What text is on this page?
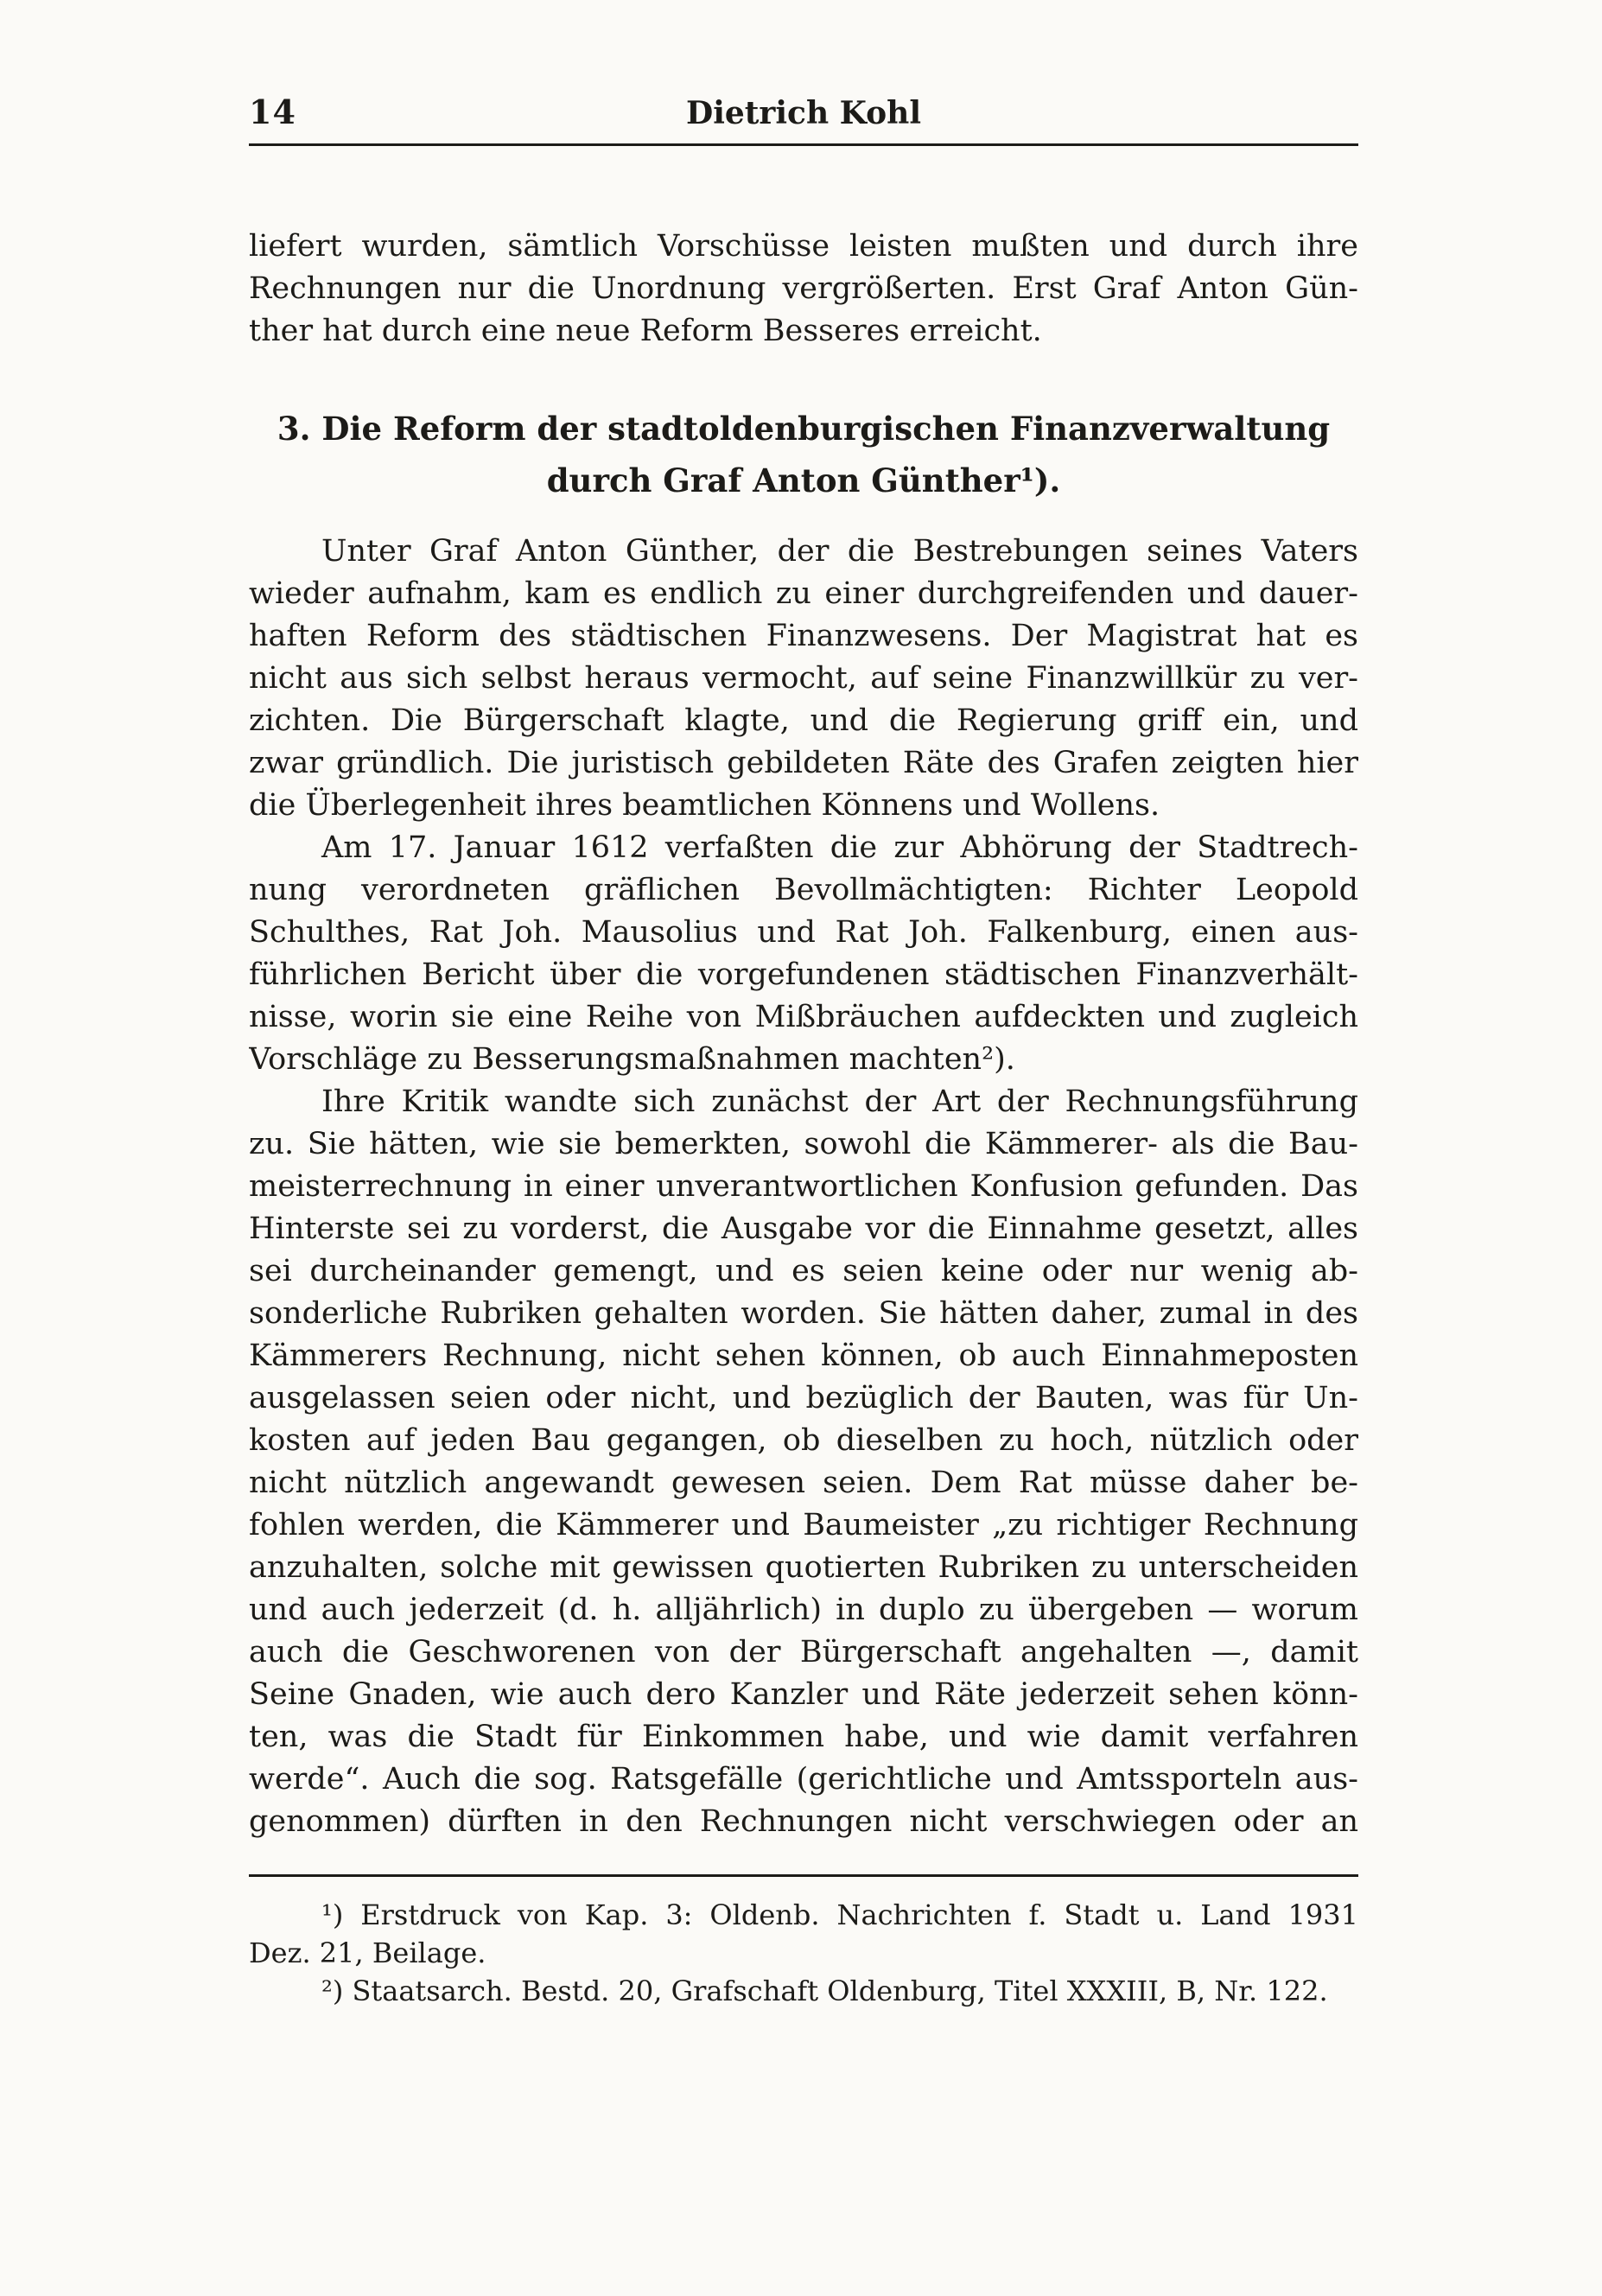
14	Dietrich Kohl
liefert wurden, sämtlich Vorschüsse leisten mußten und durch ihre
Rechnungen nur die Unordnung vergrößerten. Erst Graf Anton Gün-
ther hat durch eine neue Reform Besseres erreicht.
3. Die Reform der stadtoldenburgischen Finanzverwaltung
durch Graf Anton Günther¹).
Unter Graf Anton Günther, der die Bestrebungen seines Vaters
wieder aufnahm, kam es endlich zu einer durchgreifenden und dauer-
haften Reform des städtischen Finanzwesens. Der Magistrat hat es
nicht aus sich selbst heraus vermocht, auf seine Finanzwillkür zu ver-
zichten. Die Bürgerschaft klagte, und die Regierung griff ein, und
zwar gründlich. Die juristisch gebildeten Räte des Grafen zeigten hier
die Überlegenheit ihres beamtlichen Könnens und Wollens.
Am 17. Januar 1612 verfaßten die zur Abhörung der Stadtrech-
nung verordneten gräflichen Bevollmächtigten: Richter Leopold
Schulthes, Rat Joh. Mausolius und Rat Joh. Falkenburg, einen aus-
führlichen Bericht über die vorgefundenen städtischen Finanzverhält-
nisse, worin sie eine Reihe von Mißbräuchen aufdeckten und zugleich
Vorschläge zu Besserungsmaßnahmen machten²).
Ihre Kritik wandte sich zunächst der Art der Rechnungsführung
zu. Sie hätten, wie sie bemerkten, sowohl die Kämmerer- als die Bau-
meisterrechnung in einer unverantwortlichen Konfusion gefunden. Das
Hinterste sei zu vorderst, die Ausgabe vor die Einnahme gesetzt, alles
sei durcheinander gemengt, und es seien keine oder nur wenig ab-
sonderliche Rubriken gehalten worden. Sie hätten daher, zumal in des
Kämmerers Rechnung, nicht sehen können, ob auch Einnahmeposten
ausgelassen seien oder nicht, und bezüglich der Bauten, was für Un-
kosten auf jeden Bau gegangen, ob dieselben zu hoch, nützlich oder
nicht nützlich angewandt gewesen seien. Dem Rat müsse daher be-
fohlen werden, die Kämmerer und Baumeister „zu richtiger Rechnung
anzuhalten, solche mit gewissen quotierten Rubriken zu unterscheiden
und auch jederzeit (d. h. alljährlich) in duplo zu übergeben — worum
auch die Geschworenen von der Bürgerschaft angehalten —, damit
Seine Gnaden, wie auch dero Kanzler und Räte jederzeit sehen könn-
ten, was die Stadt für Einkommen habe, und wie damit verfahren
werde“. Auch die sog. Ratsgefälle (gerichtliche und Amtssporteln aus-
genommen) dürften in den Rechnungen nicht verschwiegen oder an
¹) Erstdruck von Kap. 3: Oldenb. Nachrichten f. Stadt u. Land 1931
Dez. 21, Beilage.
²) Staatsarch. Bestd. 20, Grafschaft Oldenburg, Titel XXXIII, B, Nr. 122.
